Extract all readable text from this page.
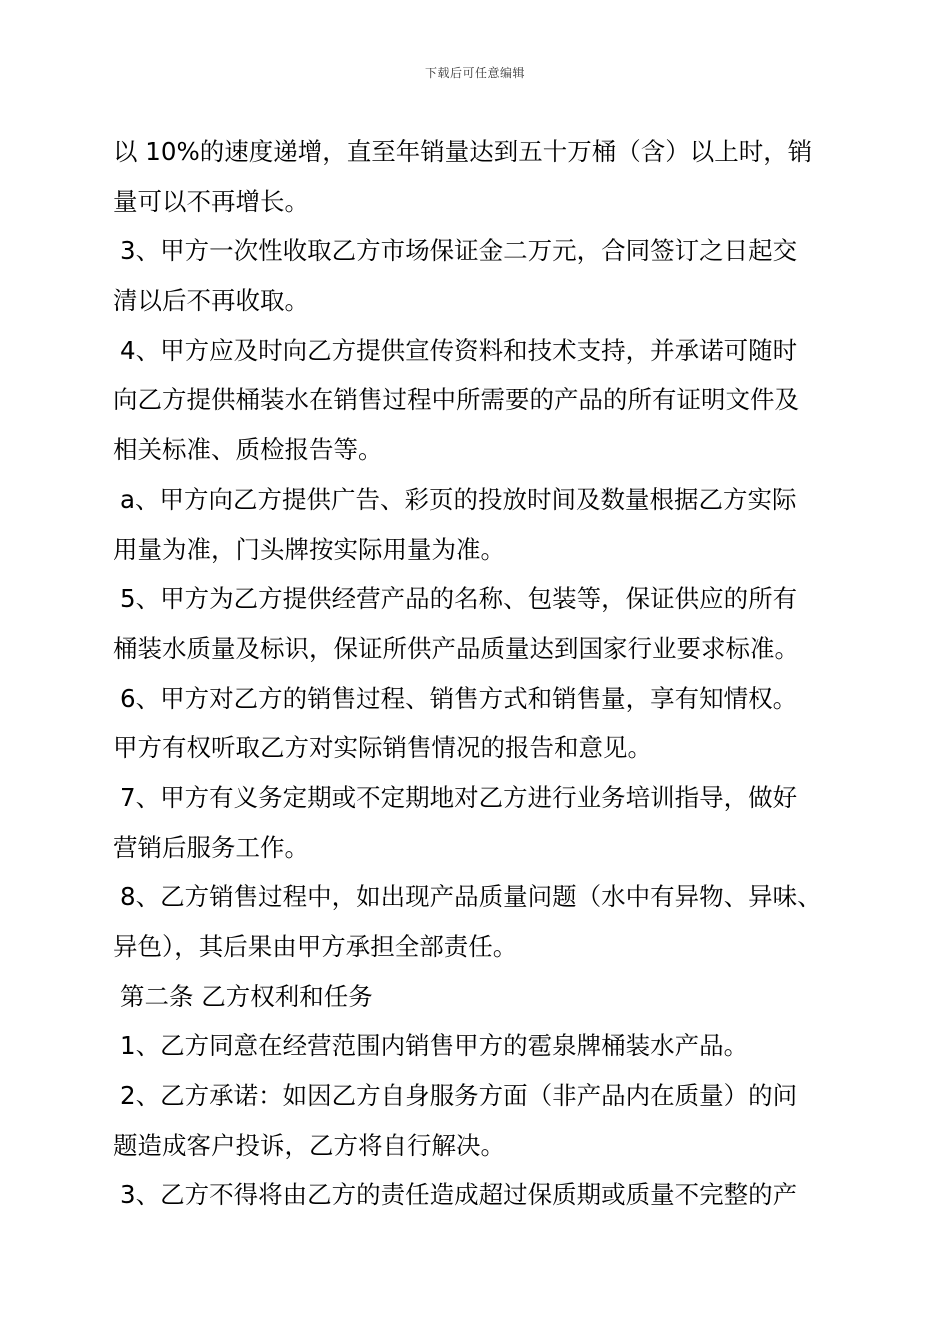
下载后可任意编辑
以 10%的速度递增，直至年销量达到五十万桶（含）以上时，销
量可以不再增长。
3、甲方一次性收取乙方市场保证金二万元，合同签订之日起交
清以后不再收取。
4、甲方应及时向乙方提供宣传资料和技术支持，并承诺可随时
向乙方提供桶装水在销售过程中所需要的产品的所有证明文件及
相关标准、质检报告等。
a、甲方向乙方提供广告、彩页的投放时间及数量根据乙方实际
用量为准，门头牌按实际用量为准。
5、甲方为乙方提供经营产品的名称、包装等，保证供应的所有
桶装水质量及标识，保证所供产品质量达到国家行业要求标准。
6、甲方对乙方的销售过程、销售方式和销售量，享有知情权。
甲方有权听取乙方对实际销售情况的报告和意见。
7、甲方有义务定期或不定期地对乙方进行业务培训指导，做好
营销后服务工作。
8、乙方销售过程中，如出现产品质量问题（水中有异物、异味、
异色），其后果由甲方承担全部责任。
第二条 乙方权利和任务
1、乙方同意在经营范围内销售甲方的雹泉牌桶装水产品。
2、乙方承诺：如因乙方自身服务方面（非产品内在质量）的问
题造成客户投诉，乙方将自行解决。
3、乙方不得将由乙方的责任造成超过保质期或质量不完整的产
